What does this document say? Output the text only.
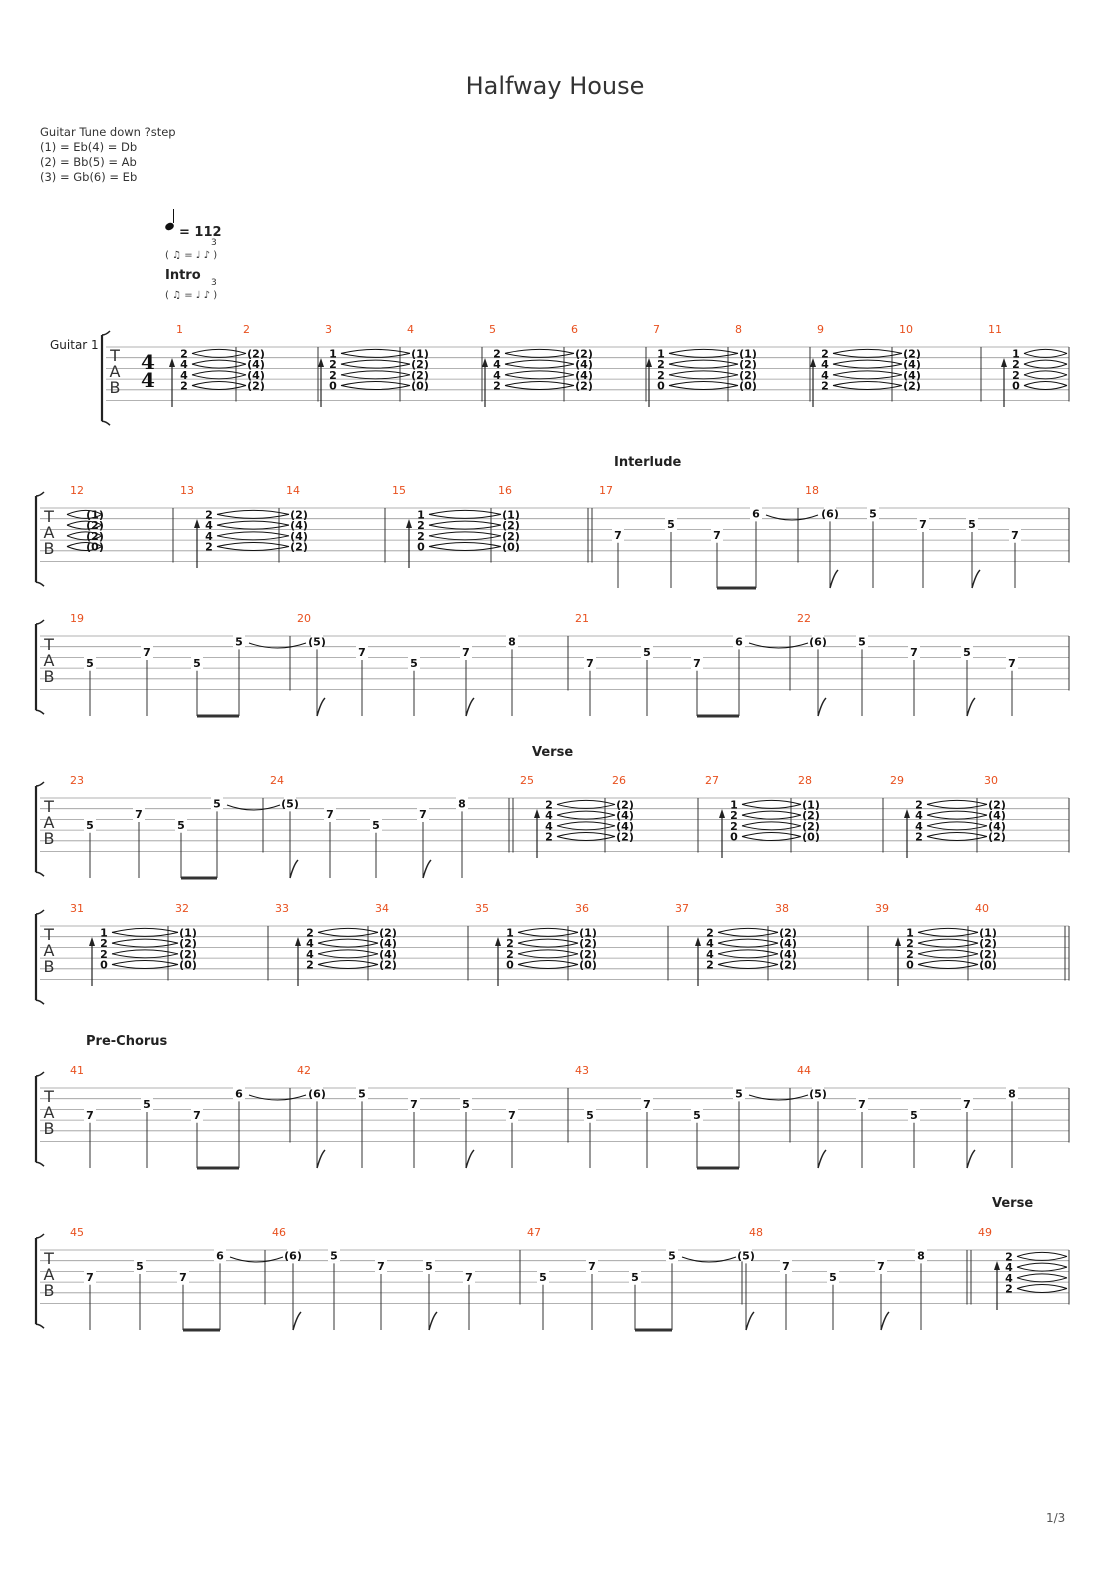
Halfway House
Guitar Tune down ?step
(1) = Eb(4) = Db
(2) = Bb(5) = Ab
(3) = Gb(6) = Eb
= 112
( ♫ = ♩ ♪ )
3
Intro
( ♫ = ♩ ♪ )
3
Guitar 1
Interlude
Verse
Pre-Chorus
Verse
T
A
B
4
4
1	2	3	4	5	6	7	8	9	10	11
T
A
B
12	13	14	15	16	17	18
T
A
B
19	20	21	22
T
A
B
23	24	25	26	27	28	29	30
T
A
B
31	32	33	34	35	36	37	38	39	40
T
A
B
41	42	43	44
T
A
B
45	46	47	48	49
2
4
4
2
(2)
(4)
(4)
(2)
1
2
2
0
(1)
(2)
(2)
(0)
2
4
4
2
(2)
(4)
(4)
(2)
1
2
2
0
(1)
(2)
(2)
(0)
2
4
4
2
(2)
(4)
(4)
(2)
1
2
2
0
(1)
(2)
(2)
(0)
2
4
4
2
(2)
(4)
(4)
(2)
1
2
2
0
(1)
(2)
(2)
(0)
7
5
7
6	(6)	5
7	5
7
5
7
5
5	(5)
7
5
7
8
7
5
7
6	(6)	5
7	5
7
5
7
5
5	(5)
7
5
7
8	2
4
4
2
(2)
(4)
(4)
(2)
1
2
2
0
(1)
(2)
(2)
(0)
2
4
4
2
(2)
(4)
(4)
(2)
1
2
2
0
(1)
(2)
(2)
(0)
2
4
4
2
(2)
(4)
(4)
(2)
1
2
2
0
(1)
(2)
(2)
(0)
2
4
4
2
(2)
(4)
(4)
(2)
1
2
2
0
(1)
(2)
(2)
(0)
7
5
7
6	(6)	5
7	5
7	5
7
5
5	(5)
7
5
7
8
7
5
7
6	(6)	5
7	5
7	5
7
5
5	(5)
7
5
7
8	2
4
4
2
1/3
